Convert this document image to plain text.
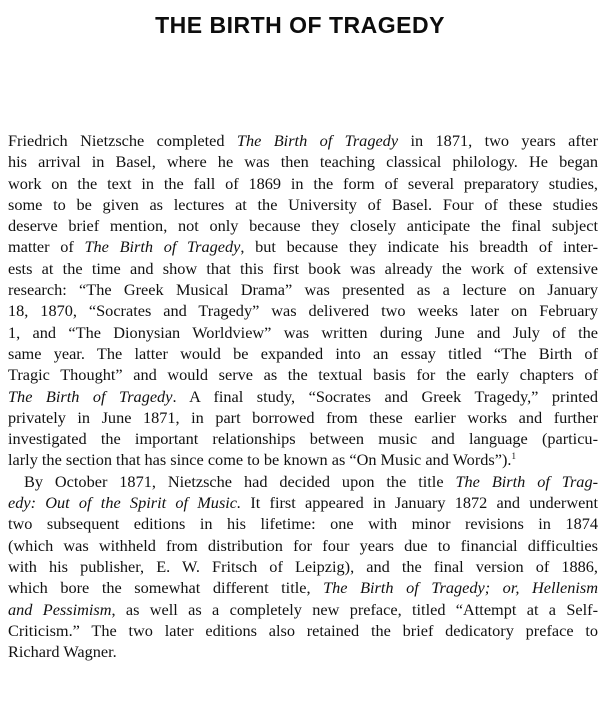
THE BIRTH OF TRAGEDY
Friedrich Nietzsche completed The Birth of Tragedy in 1871, two years after
his arrival in Basel, where he was then teaching classical philology. He began
work on the text in the fall of 1869 in the form of several preparatory studies,
some to be given as lectures at the University of Basel. Four of these studies
deserve brief mention, not only because they closely anticipate the final subject
matter of The Birth of Tragedy, but because they indicate his breadth of inter-
ests at the time and show that this first book was already the work of extensive
research: “The Greek Musical Drama” was presented as a lecture on January
18, 1870, “Socrates and Tragedy” was delivered two weeks later on February
1, and “The Dionysian Worldview” was written during June and July of the
same year. The latter would be expanded into an essay titled “The Birth of
Tragic Thought” and would serve as the textual basis for the early chapters of
The Birth of Tragedy. A final study, “Socrates and Greek Tragedy,” printed
privately in June 1871, in part borrowed from these earlier works and further
investigated the important relationships between music and language (particu-
larly the section that has since come to be known as “On Music and Words”).$^1$
By October 1871, Nietzsche had decided upon the title The Birth of Trag-
edy: Out of the Spirit of Music. It first appeared in January 1872 and underwent
two subsequent editions in his lifetime: one with minor revisions in 1874
(which was withheld from distribution for four years due to financial difficulties
with his publisher, E. W. Fritsch of Leipzig), and the final version of 1886,
which bore the somewhat different title, The Birth of Tragedy; or, Hellenism
and Pessimism, as well as a completely new preface, titled “Attempt at a Self-
Criticism.” The two later editions also retained the brief dedicatory preface to
Richard Wagner.
